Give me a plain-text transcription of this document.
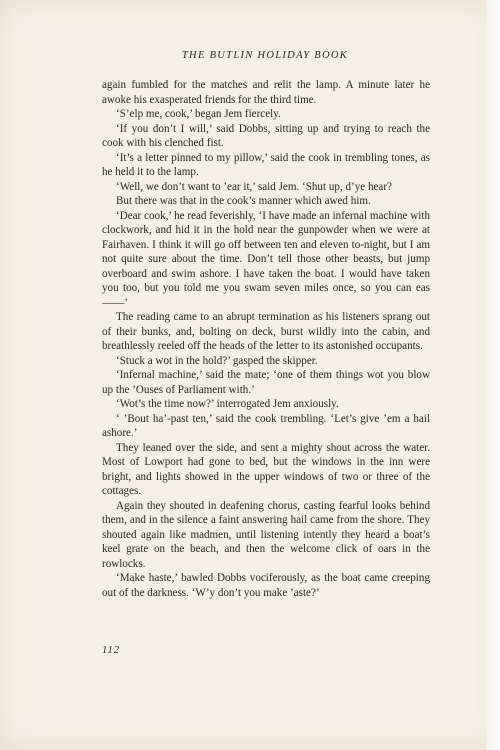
THE BUTLIN HOLIDAY BOOK

again fumbled for the matches and relit the lamp. A minute later he awoke his exasperated friends for the third time.

‘S’elp me, cook,’ began Jem fiercely.

‘If you don’t I will,’ said Dobbs, sitting up and trying to reach the cook with his clenched fist.

‘It’s a letter pinned to my pillow,’ said the cook in trembling tones, as he held it to the lamp.

‘Well, we don’t want to ’ear it,’ said Jem. ‘Shut up, d’ye hear?

But there was that in the cook’s manner which awed him.

‘Dear cook,’ he read feverishly, ‘I have made an infernal machine with clockwork, and hid it in the hold near the gunpowder when we were at Fairhaven. I think it will go off between ten and eleven to-night, but I am not quite sure about the time. Don’t tell those other beasts, but jump overboard and swim ashore. I have taken the boat. I would have taken you too, but you told me you swam seven miles once, so you can eas——’

The reading came to an abrupt termination as his listeners sprang out of their bunks, and, bolting on deck, burst wildly into the cabin, and breathlessly reeled off the heads of the letter to its astonished occupants.

‘Stuck a wot in the hold?’ gasped the skipper.

‘Infernal machine,’ said the mate; ‘one of them things wot you blow up the ’Ouses of Parliament with.’

‘Wot’s the time now?’ interrogated Jem anxiously.

‘ ’Bout ha’-past ten,’ said the cook trembling. ‘Let’s give ’em a hail ashore.’

They leaned over the side, and sent a mighty shout across the water. Most of Lowport had gone to bed, but the windows in the inn were bright, and lights showed in the upper windows of two or three of the cottages.

Again they shouted in deafening chorus, casting fearful looks behind them, and in the silence a faint answering hail came from the shore. They shouted again like madmen, until listening intently they heard a boat’s keel grate on the beach, and then the welcome click of oars in the rowlocks.

‘Make haste,’ bawled Dobbs vociferously, as the boat came creeping out of the darkness. ‘W’y don’t you make ’aste?’

112
